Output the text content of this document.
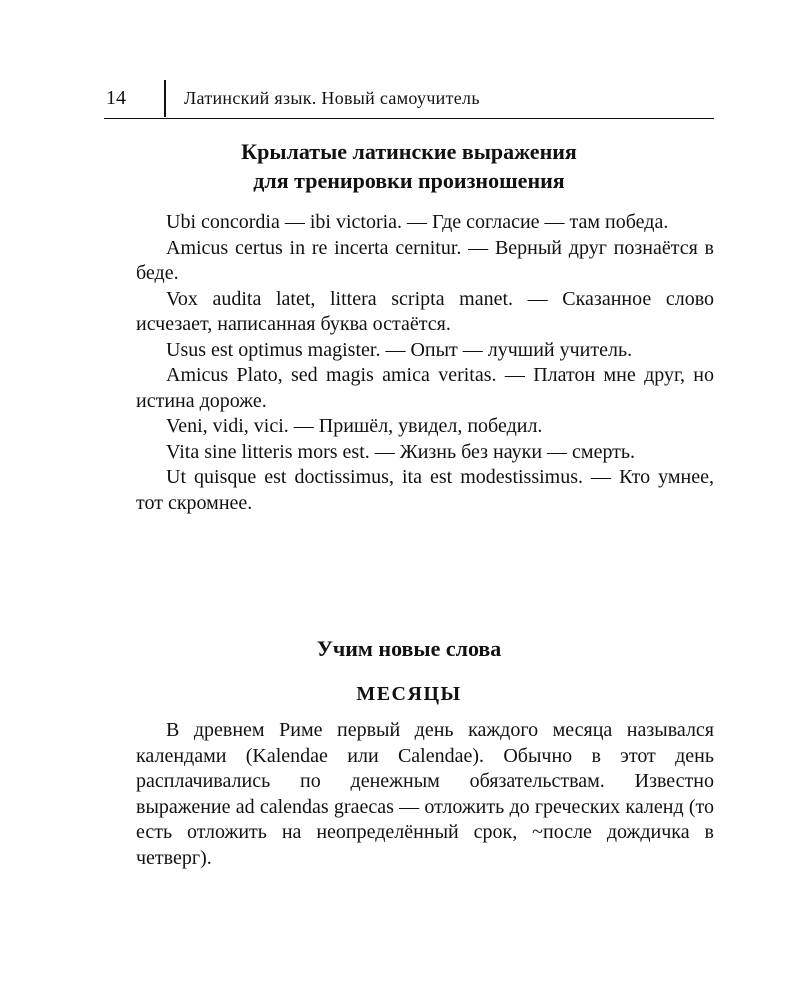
14	Латинский язык. Новый самоучитель
Крылатые латинские выражения
для тренировки произношения
Ubi concordia — ibi victoria. — Где согласие — там победа.
Amicus certus in re incerta cernitur. — Верный друг познаётся в беде.
Vox audita latet, littera scripta manet. — Сказанное слово исчезает, написанная буква остаётся.
Usus est optimus magister. — Опыт — лучший учитель.
Amicus Plato, sed magis amica veritas. — Платон мне друг, но истина дороже.
Veni, vidi, vici. — Пришёл, увидел, победил.
Vita sine litteris mors est. — Жизнь без науки — смерть.
Ut quisque est doctissimus, ita est modestissimus. — Кто умнее, тот скромнее.
Учим новые слова
МЕСЯЦЫ

В древнем Риме первый день каждого месяца назывался календами (Kalendae или Calendae). Обычно в этот день расплачивались по денежным обязательствам. Известно выражение ad calendas graecas — отложить до греческих календ (то есть отложить на неопределённый срок, ~после дождичка в четверг).
